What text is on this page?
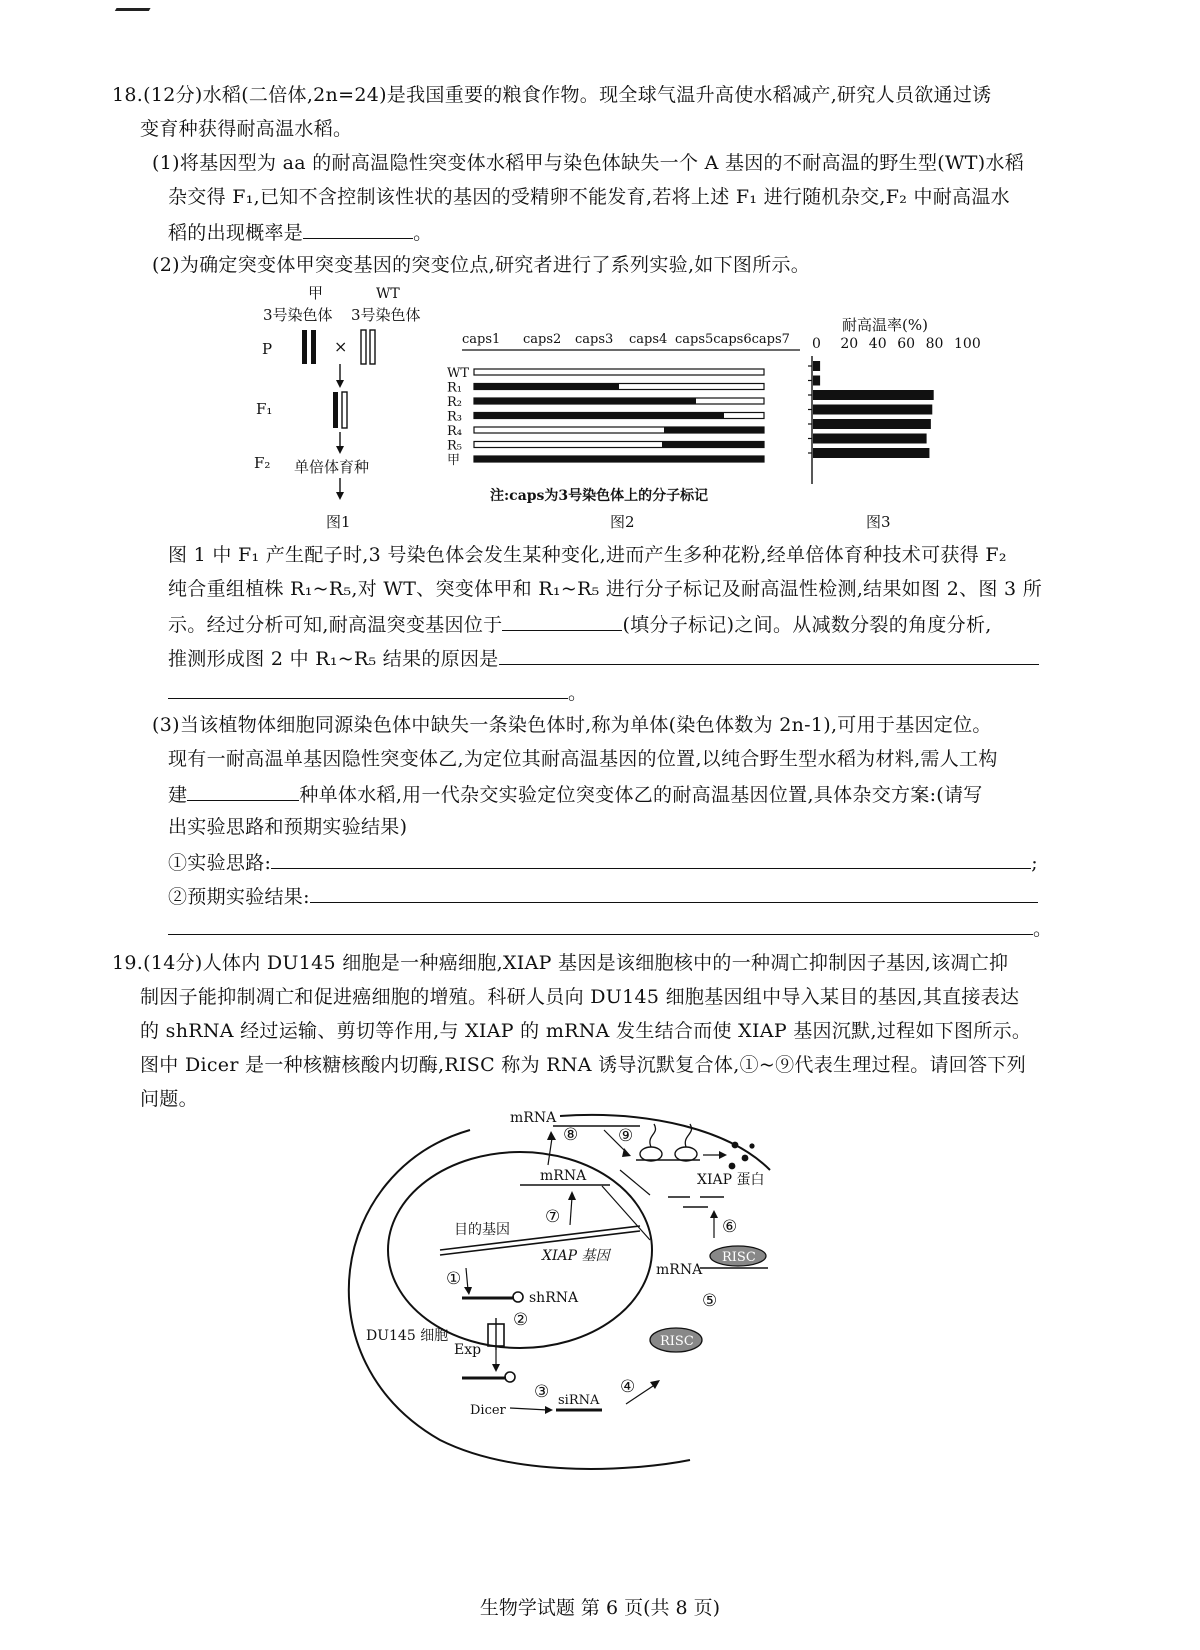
18.(12分)水稻(二倍体,2n=24)是我国重要的粮食作物。现全球气温升高使水稻减产,研究人员欲通过诱
变育种获得耐高温水稻。
(1)将基因型为 aa 的耐高温隐性突变体水稻甲与染色体缺失一个 A 基因的不耐高温的野生型(WT)水稻
杂交得 F₁,已知不含控制该性状的基因的受精卵不能发育,若将上述 F₁ 进行随机杂交,F₂ 中耐高温水
稻的出现概率是	。
(2)为确定突变体甲突变基因的突变位点,研究者进行了系列实验,如下图所示。
甲	WT
3号染色体 3号染色体
P	×
F₁
F₂ 单倍体育种
图1
caps1 caps2 caps3 caps4 caps5caps6caps7
WT
R₁
R₂
R₃
R₄
R₅
甲
注:caps为3号染色体上的分子标记
图2
耐高温率(%)
0 20 40 60 80 100
图3
图 1 中 F₁ 产生配子时,3 号染色体会发生某种变化,进而产生多种花粉,经单倍体育种技术可获得 F₂
纯合重组植株 R₁~R₅,对 WT、突变体甲和 R₁~R₅ 进行分子标记及耐高温性检测,结果如图 2、图 3 所
示。经过分析可知,耐高温突变基因位于	(填分子标记)之间。从减数分裂的角度分析,
推测形成图 2 中 R₁~R₅ 结果的原因是
。
(3)当该植物体细胞同源染色体中缺失一条染色体时,称为单体(染色体数为 2n-1),可用于基因定位。
现有一耐高温单基因隐性突变体乙,为定位其耐高温基因的位置,以纯合野生型水稻为材料,需人工构
建	种单体水稻,用一代杂交实验定位突变体乙的耐高温基因位置,具体杂交方案:(请写
出实验思路和预期实验结果)
①实验思路:	;
②预期实验结果:
。
19.(14分)人体内 DU145 细胞是一种癌细胞,XIAP 基因是该细胞核中的一种凋亡抑制因子基因,该凋亡抑
制因子能抑制凋亡和促进癌细胞的增殖。科研人员向 DU145 细胞基因组中导入某目的基因,其直接表达
的 shRNA 经过运输、剪切等作用,与 XIAP 的 mRNA 发生结合而使 XIAP 基因沉默,过程如下图所示。
图中 Dicer 是一种核糖核酸内切酶,RISC 称为 RNA 诱导沉默复合体,①~⑨代表生理过程。请回答下列
问题。
mRNA
⑧ ⑨
mRNA	XIAP 蛋白
目的基因
⑦
XIAP 基因
⑥
mRNA
RISC
①
shRNA	⑤
DU145 细胞
②
Exp
RISC
③
Dicer
siRNA
④
生物学试题 第 6 页(共 8 页)
